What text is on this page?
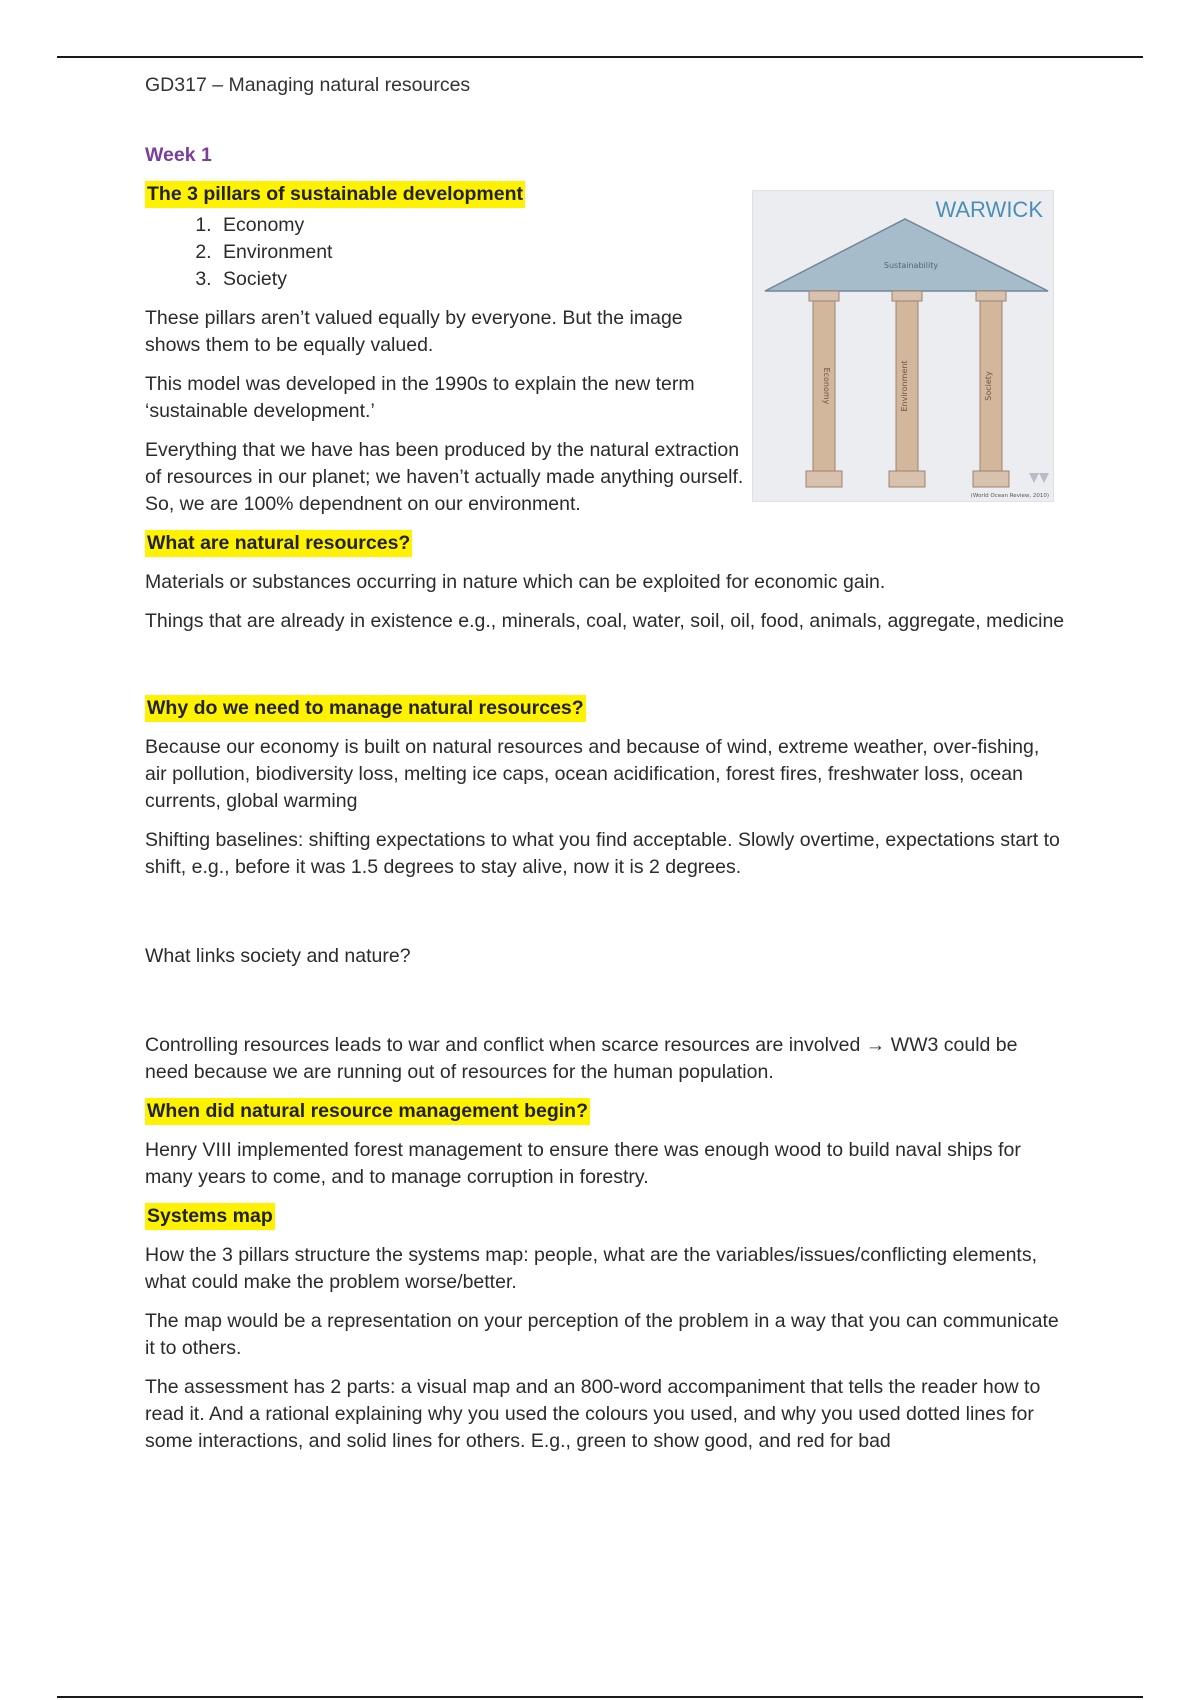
WARWICK
Sustainability
Economy	Environment	Society
(World Ocean Review, 2010)

GD317 – Managing natural resources

Week 1

The 3 pillars of sustainable development
1. Economy
2. Environment
3. Society

These pillars aren’t valued equally by everyone. But the image shows them to be equally valued.

This model was developed in the 1990s to explain the new term ‘sustainable development.’

Everything that we have has been produced by the natural extraction of resources in our planet; we haven’t actually made anything ourself. So, we are 100% dependnent on our environment.

What are natural resources?

Materials or substances occurring in nature which can be exploited for economic gain.

Things that are already in existence e.g., minerals, coal, water, soil, oil, food, animals, aggregate, medicine

Why do we need to manage natural resources?

Because our economy is built on natural resources and because of wind, extreme weather, over-fishing, air pollution, biodiversity loss, melting ice caps, ocean acidification, forest fires, freshwater loss, ocean currents, global warming

Shifting baselines: shifting expectations to what you find acceptable. Slowly overtime, expectations start to shift, e.g., before it was 1.5 degrees to stay alive, now it is 2 degrees.

What links society and nature?

Controlling resources leads to war and conflict when scarce resources are involved → WW3 could be need because we are running out of resources for the human population.

When did natural resource management begin?

Henry VIII implemented forest management to ensure there was enough wood to build naval ships for many years to come, and to manage corruption in forestry.

Systems map

How the 3 pillars structure the systems map: people, what are the variables/issues/conflicting elements, what could make the problem worse/better.

The map would be a representation on your perception of the problem in a way that you can communicate it to others.

The assessment has 2 parts: a visual map and an 800-word accompaniment that tells the reader how to read it. And a rational explaining why you used the colours you used, and why you used dotted lines for some interactions, and solid lines for others. E.g., green to show good, and red for bad
